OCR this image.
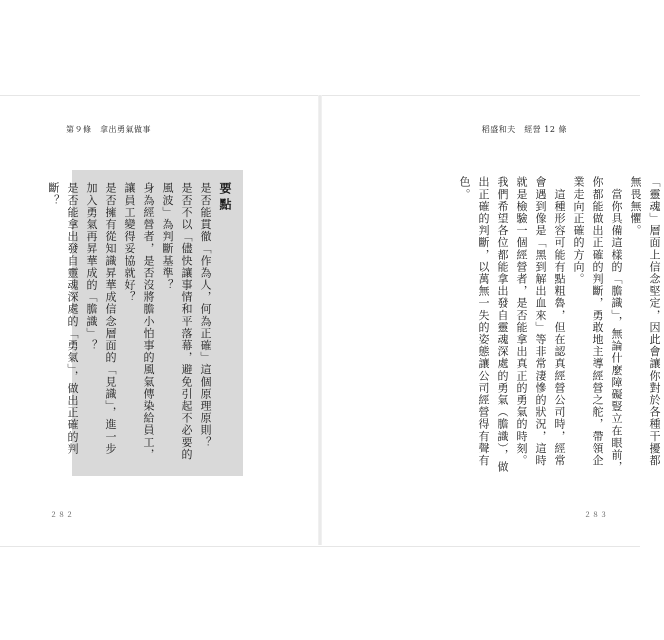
第９條　拿出勇氣做事	稻盛和夫　經營 12 條
要點

是否能貫徹「作為人，何為正確」這個原理原則？

是否不以「儘快讓事情和平落幕，避免引起不必要的風波」為判斷基準？

身為經營者，是否沒將膽小怕事的風氣傳染給員工，讓員工變得妥協就好？

是否擁有從知識昇華成信念層面的「見識」，進一步加入勇氣再昇華成的「膽識」？

是否能拿出發自靈魂深處的「勇氣」，做出正確的判斷？	「靈魂」層面上信念堅定，因此會讓你對於各種干擾都無畏無懼。

　當你具備這樣的「膽識」，無論什麼障礙豎立在眼前，你都能做出正確的判斷，勇敢地主導經營之舵，帶領企業走向正確的方向。

　這種形容可能有點粗魯，但在認真經營公司時，經常會遇到像是「黑到解出血來」等非常淒慘的狀況，這時就是檢驗一個經營者，是否能拿出真正的勇氣的時刻。我們希望各位都能拿出發自靈魂深處的勇氣（膽識），做出正確的判斷，以萬無一失的姿態讓公司經營得有聲有色。

２８２	２８３
